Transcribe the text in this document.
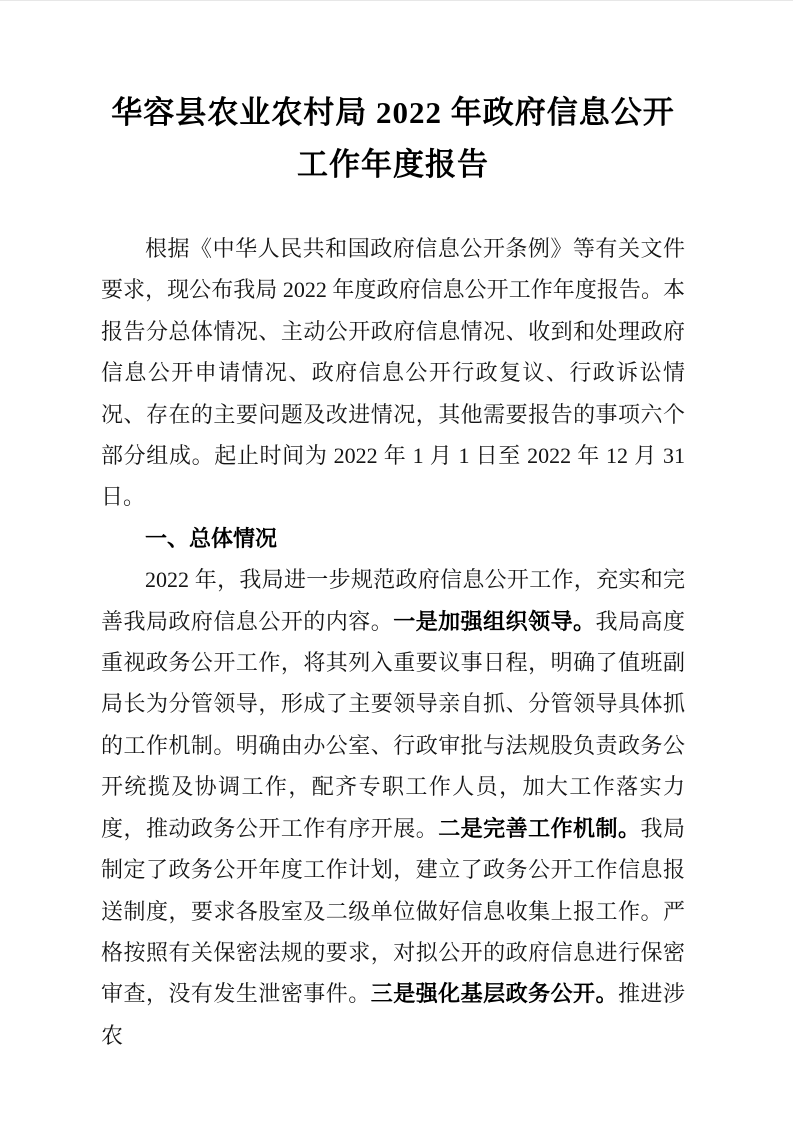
华容县农业农村局 2022 年政府信息公开
工作年度报告

根据《中华人民共和国政府信息公开条例》等有关文件要求，现公布我局 2022 年度政府信息公开工作年度报告。本报告分总体情况、主动公开政府信息情况、收到和处理政府信息公开申请情况、政府信息公开行政复议、行政诉讼情况、存在的主要问题及改进情况，其他需要报告的事项六个部分组成。起止时间为 2022 年 1 月 1 日至 2022 年 12 月 31 日。

一、总体情况

2022 年，我局进一步规范政府信息公开工作，充实和完善我局政府信息公开的内容。一是加强组织领导。我局高度重视政务公开工作，将其列入重要议事日程，明确了值班副局长为分管领导，形成了主要领导亲自抓、分管领导具体抓的工作机制。明确由办公室、行政审批与法规股负责政务公开统揽及协调工作，配齐专职工作人员，加大工作落实力度，推动政务公开工作有序开展。二是完善工作机制。我局制定了政务公开年度工作计划，建立了政务公开工作信息报送制度，要求各股室及二级单位做好信息收集上报工作。严格按照有关保密法规的要求，对拟公开的政府信息进行保密审查，没有发生泄密事件。三是强化基层政务公开。推进涉农
